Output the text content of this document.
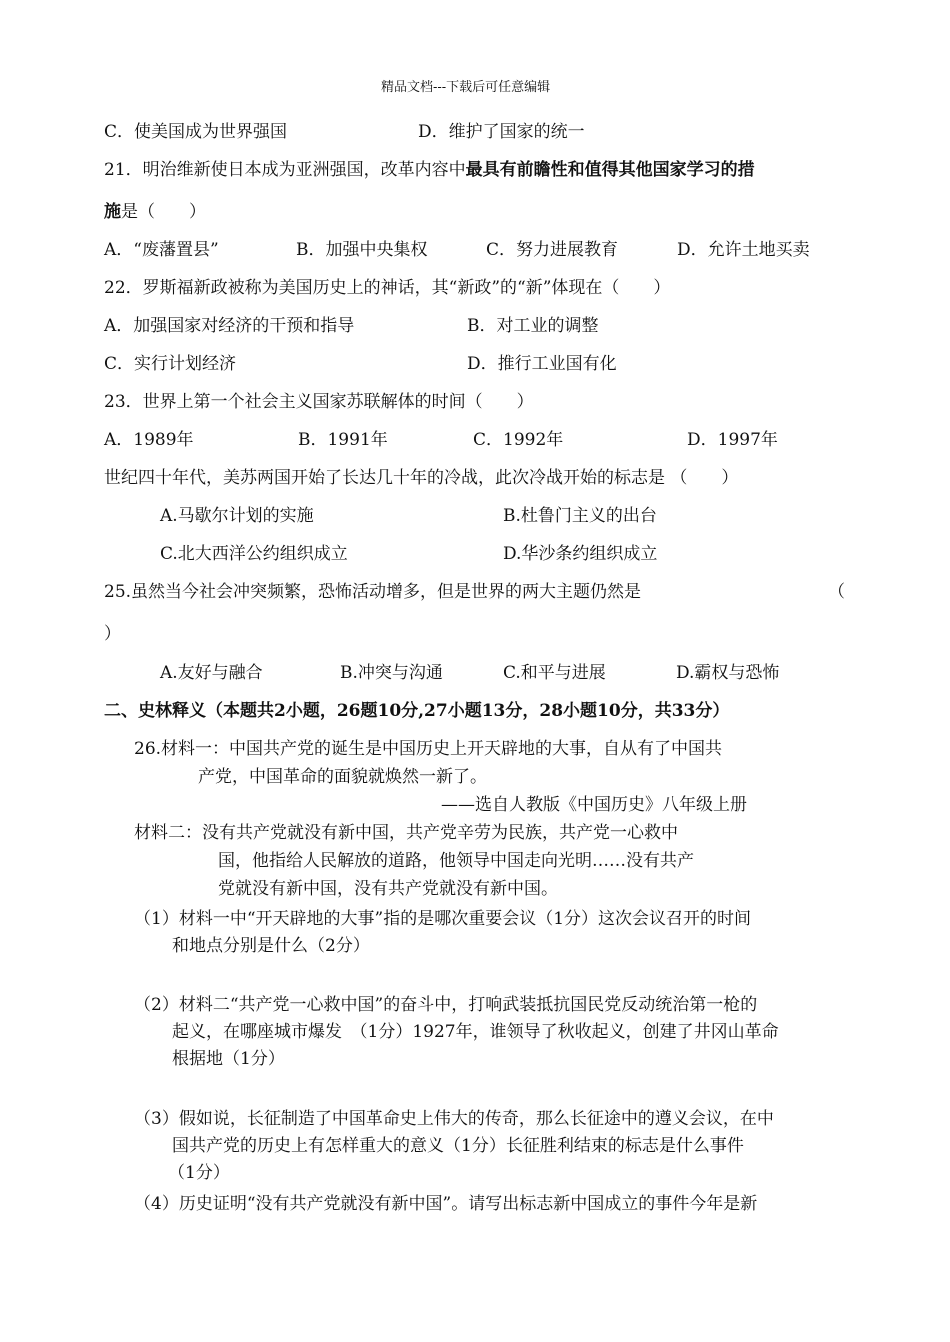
精品文档---下载后可任意编辑
C．使美国成为世界强国	D．维护了国家的统一
21．明治维新使日本成为亚洲强国，改革内容中最具有前瞻性和值得其他国家学习的措
施是（　　）
A．“废藩置县”	B．加强中央集权	C．努力进展教育	D．允许土地买卖
22．罗斯福新政被称为美国历史上的神话，其“新政”的“新”体现在（　　）
A．加强国家对经济的干预和指导	B．对工业的调整
C．实行计划经济	D．推行工业国有化
23．世界上第一个社会主义国家苏联解体的时间（　　）
A．1989年	B．1991年	C．1992年	D．1997年
世纪四十年代，美苏两国开始了长达几十年的冷战，此次冷战开始的标志是 （　　）
A.马歇尔计划的实施	B.杜鲁门主义的出台
C.北大西洋公约组织成立	D.华沙条约组织成立
25.虽然当今社会冲突频繁，恐怖活动增多，但是世界的两大主题仍然是	（
）
A.友好与融合	B.冲突与沟通	C.和平与进展	D.霸权与恐怖
二、史林释义（本题共2小题，26题10分,27小题13分，28小题10分，共33分）
26.材料一：中国共产党的诞生是中国历史上开天辟地的大事，自从有了中国共
产党，中国革命的面貌就焕然一新了。
——选自人教版《中国历史》八年级上册
材料二：没有共产党就没有新中国，共产党辛劳为民族，共产党一心救中
国，他指给人民解放的道路，他领导中国走向光明……没有共产
党就没有新中国，没有共产党就没有新中国。
（1）材料一中“开天辟地的大事”指的是哪次重要会议（1分）这次会议召开的时间
和地点分别是什么（2分）
（2）材料二“共产党一心救中国”的奋斗中，打响武装抵抗国民党反动统治第一枪的
起义，在哪座城市爆发　（1分）1927年，谁领导了秋收起义，创建了井冈山革命
根据地（1分）
（3）假如说，长征制造了中国革命史上伟大的传奇，那么长征途中的遵义会议，在中
国共产党的历史上有怎样重大的意义（1分）长征胜利结束的标志是什么事件
（1分）
（4）历史证明“没有共产党就没有新中国”。请写出标志新中国成立的事件今年是新
